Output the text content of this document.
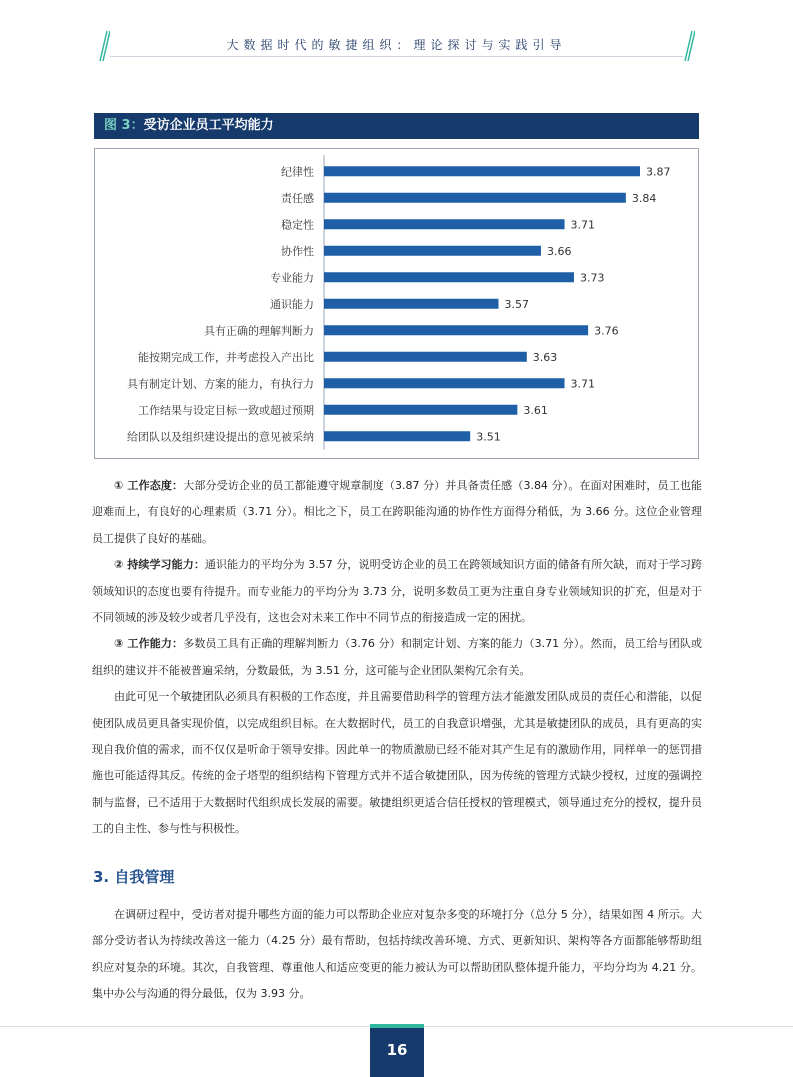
大数据时代的敏捷组织：理论探讨与实践引导
图 3：受访企业员工平均能力
纪律性	3.87
责任感	3.84
稳定性	3.71
协作性	3.66
专业能力	3.73
通识能力	3.57
具有正确的理解判断力	3.76
能按期完成工作，并考虑投入产出比	3.63
具有制定计划、方案的能力，有执行力	3.71
工作结果与设定目标一致或超过预期	3.61
给团队以及组织建设提出的意见被采纳	3.51

① 工作态度：大部分受访企业的员工都能遵守规章制度（3.87 分）并具备责任感（3.84 分）。在面对困难时，员工也能迎难而上，有良好的心理素质（3.71 分）。相比之下，员工在跨职能沟通的协作性方面得分稍低，为 3.66 分。这位企业管理员工提供了良好的基础。

② 持续学习能力：通识能力的平均分为 3.57 分，说明受访企业的员工在跨领域知识方面的储备有所欠缺，而对于学习跨领域知识的态度也要有待提升。而专业能力的平均分为 3.73 分，说明多数员工更为注重自身专业领域知识的扩充，但是对于不同领域的涉及较少或者几乎没有，这也会对未来工作中不同节点的衔接造成一定的困扰。

③ 工作能力：多数员工具有正确的理解判断力（3.76 分）和制定计划、方案的能力（3.71 分）。然而，员工给与团队或组织的建议并不能被普遍采纳，分数最低，为 3.51 分，这可能与企业团队架构冗余有关。

由此可见一个敏捷团队必须具有积极的工作态度，并且需要借助科学的管理方法才能激发团队成员的责任心和潜能，以促使团队成员更具备实现价值，以完成组织目标。在大数据时代，员工的自我意识增强，尤其是敏捷团队的成员，具有更高的实现自我价值的需求，而不仅仅是听命于领导安排。因此单一的物质激励已经不能对其产生足有的激励作用，同样单一的惩罚措施也可能适得其反。传统的金子塔型的组织结构下管理方式并不适合敏捷团队，因为传统的管理方式缺少授权，过度的强调控制与监督，已不适用于大数据时代组织成长发展的需要。敏捷组织更适合信任授权的管理模式，领导通过充分的授权，提升员工的自主性、参与性与积极性。

3. 自我管理

在调研过程中，受访者对提升哪些方面的能力可以帮助企业应对复杂多变的环境打分（总分 5 分），结果如图 4 所示。大部分受访者认为持续改善这一能力（4.25 分）最有帮助，包括持续改善环境、方式、更新知识、架构等各方面都能够帮助组织应对复杂的环境。其次，自我管理、尊重他人和适应变更的能力被认为可以帮助团队整体提升能力，平均分均为 4.21 分。集中办公与沟通的得分最低，仅为 3.93 分。

16
